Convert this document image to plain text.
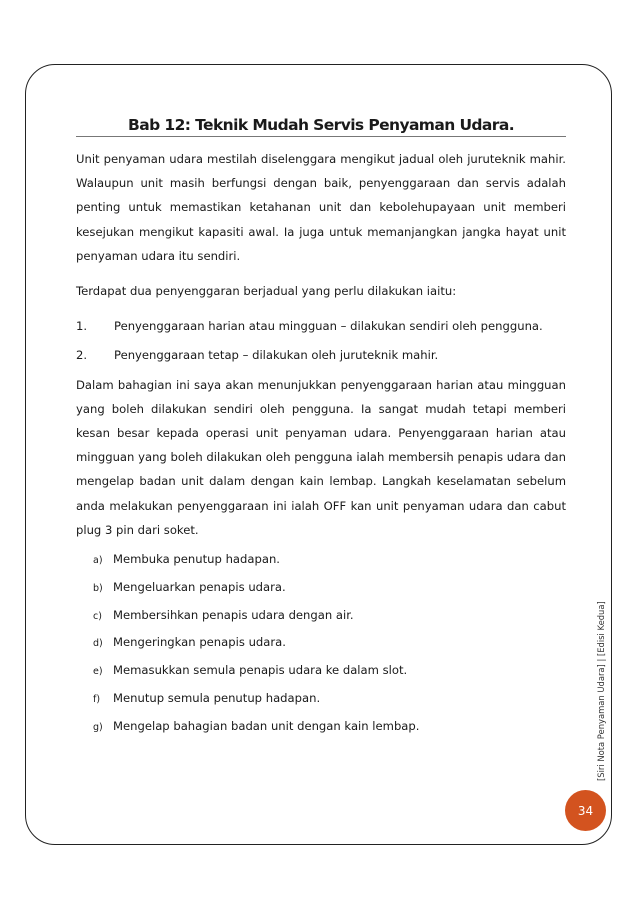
Bab 12: Teknik Mudah Servis Penyaman Udara.

Unit penyaman udara mestilah diselenggara mengikut jadual oleh juruteknik mahir. Walaupun unit masih berfungsi dengan baik, penyenggaraan dan servis adalah penting untuk memastikan ketahanan unit dan kebolehupayaan unit memberi kesejukan mengikut kapasiti awal. Ia juga untuk memanjangkan jangka hayat unit penyaman udara itu sendiri.

Terdapat dua penyenggaran berjadual yang perlu dilakukan iaitu:

1.	Penyenggaraan harian atau mingguan – dilakukan sendiri oleh pengguna.
2.	Penyenggaraan tetap – dilakukan oleh juruteknik mahir.

Dalam bahagian ini saya akan menunjukkan penyenggaraan harian atau mingguan yang boleh dilakukan sendiri oleh pengguna. Ia sangat mudah tetapi memberi kesan besar kepada operasi unit penyaman udara. Penyenggaraan harian atau mingguan yang boleh dilakukan oleh pengguna ialah membersih penapis udara dan mengelap badan unit dalam dengan kain lembap. Langkah keselamatan sebelum anda melakukan penyenggaraan ini ialah OFF kan unit penyaman udara dan cabut plug 3 pin dari soket.

a) Membuka penutup hadapan.
b) Mengeluarkan penapis udara.
c) Membersihkan penapis udara dengan air.
d) Mengeringkan penapis udara.
e) Memasukkan semula penapis udara ke dalam slot.
f)	Menutup semula penutup hadapan.
g) Mengelap bahagian badan unit dengan kain lembap.	[Siri Nota Penyaman Udara] | [Edisi Kedua]
34
